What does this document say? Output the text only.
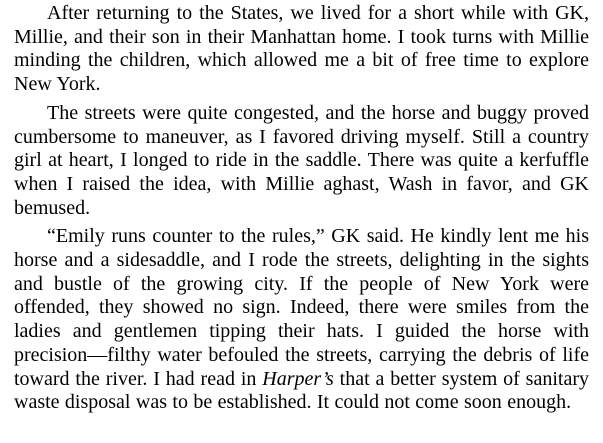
After returning to the States, we lived for a short while with GK, Millie, and their son in their Manhattan home. I took turns with Millie minding the children, which allowed me a bit of free time to explore New York.

The streets were quite congested, and the horse and buggy proved cumbersome to maneuver, as I favored driving myself. Still a country girl at heart, I longed to ride in the saddle. There was quite a kerfuffle when I raised the idea, with Millie aghast, Wash in favor, and GK bemused.

“Emily runs counter to the rules,” GK said. He kindly lent me his horse and a sidesaddle, and I rode the streets, delighting in the sights and bustle of the growing city. If the people of New York were offended, they showed no sign. Indeed, there were smiles from the ladies and gentlemen tipping their hats. I guided the horse with precision—filthy water befouled the streets, carrying the debris of life toward the river. I had read in Harper’s that a better system of sanitary waste disposal was to be established. It could not come soon enough.
